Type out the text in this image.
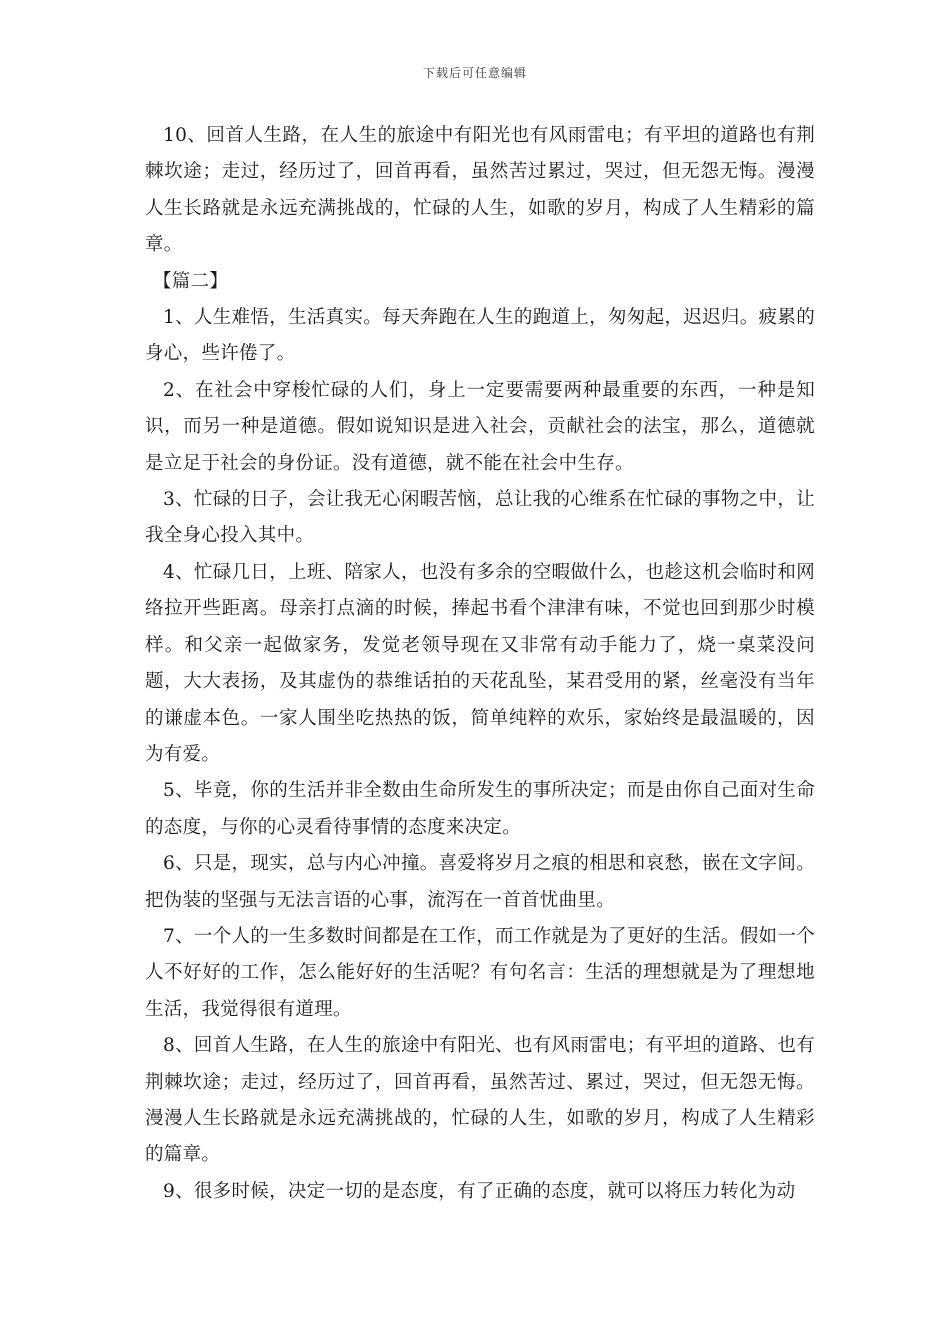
下载后可任意编辑

10、回首人生路，在人生的旅途中有阳光也有风雨雷电；有平坦的道路也有荆棘坎途；走过，经历过了，回首再看，虽然苦过累过，哭过，但无怨无悔。漫漫人生长路就是永远充满挑战的，忙碌的人生，如歌的岁月，构成了人生精彩的篇章。

【篇二】

1、人生难悟，生活真实。每天奔跑在人生的跑道上，匆匆起，迟迟归。疲累的身心，些许倦了。

2、在社会中穿梭忙碌的人们，身上一定要需要两种最重要的东西，一种是知识，而另一种是道德。假如说知识是进入社会，贡献社会的法宝，那么，道德就是立足于社会的身份证。没有道德，就不能在社会中生存。

3、忙碌的日子，会让我无心闲暇苦恼，总让我的心维系在忙碌的事物之中，让我全身心投入其中。

4、忙碌几日，上班、陪家人，也没有多余的空暇做什么，也趁这机会临时和网络拉开些距离。母亲打点滴的时候，捧起书看个津津有味，不觉也回到那少时模样。和父亲一起做家务，发觉老领导现在又非常有动手能力了，烧一桌菜没问题，大大表扬，及其虚伪的恭维话拍的天花乱坠，某君受用的紧，丝毫没有当年的谦虚本色。一家人围坐吃热热的饭，简单纯粹的欢乐，家始终是最温暖的，因为有爱。

5、毕竟，你的生活并非全数由生命所发生的事所决定；而是由你自己面对生命的态度，与你的心灵看待事情的态度来决定。

6、只是，现实，总与内心冲撞。喜爱将岁月之痕的相思和哀愁，嵌在文字间。把伪装的坚强与无法言语的心事，流泻在一首首忧曲里。

7、一个人的一生多数时间都是在工作，而工作就是为了更好的生活。假如一个人不好好的工作，怎么能好好的生活呢？有句名言：生活的理想就是为了理想地生活，我觉得很有道理。

8、回首人生路，在人生的旅途中有阳光、也有风雨雷电；有平坦的道路、也有荆棘坎途；走过，经历过了，回首再看，虽然苦过、累过，哭过，但无怨无悔。漫漫人生长路就是永远充满挑战的，忙碌的人生，如歌的岁月，构成了人生精彩的篇章。

9、很多时候，决定一切的是态度，有了正确的态度，就可以将压力转化为动
